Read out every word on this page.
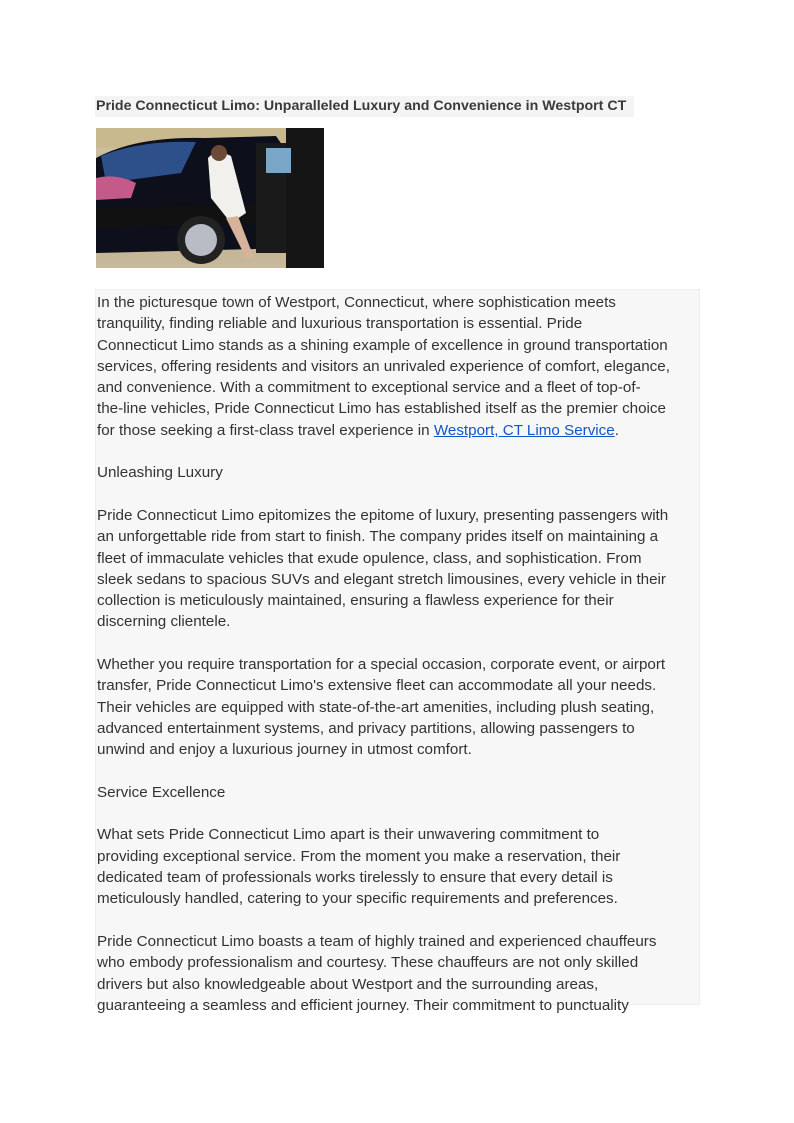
Pride Connecticut Limo: Unparalleled Luxury and Convenience in Westport CT
In the picturesque town of Westport, Connecticut, where sophistication meets
tranquility, finding reliable and luxurious transportation is essential. Pride
Connecticut Limo stands as a shining example of excellence in ground transportation
services, offering residents and visitors an unrivaled experience of comfort, elegance,
and convenience. With a commitment to exceptional service and a fleet of top-of-
the-line vehicles, Pride Connecticut Limo has established itself as the premier choice
for those seeking a first-class travel experience in Westport, CT Limo Service.
Unleashing Luxury
Pride Connecticut Limo epitomizes the epitome of luxury, presenting passengers with
an unforgettable ride from start to finish. The company prides itself on maintaining a
fleet of immaculate vehicles that exude opulence, class, and sophistication. From
sleek sedans to spacious SUVs and elegant stretch limousines, every vehicle in their
collection is meticulously maintained, ensuring a flawless experience for their
discerning clientele.
Whether you require transportation for a special occasion, corporate event, or airport
transfer, Pride Connecticut Limo's extensive fleet can accommodate all your needs.
Their vehicles are equipped with state-of-the-art amenities, including plush seating,
advanced entertainment systems, and privacy partitions, allowing passengers to
unwind and enjoy a luxurious journey in utmost comfort.
Service Excellence
What sets Pride Connecticut Limo apart is their unwavering commitment to
providing exceptional service. From the moment you make a reservation, their
dedicated team of professionals works tirelessly to ensure that every detail is
meticulously handled, catering to your specific requirements and preferences.
Pride Connecticut Limo boasts a team of highly trained and experienced chauffeurs
who embody professionalism and courtesy. These chauffeurs are not only skilled
drivers but also knowledgeable about Westport and the surrounding areas,
guaranteeing a seamless and efficient journey. Their commitment to punctuality
